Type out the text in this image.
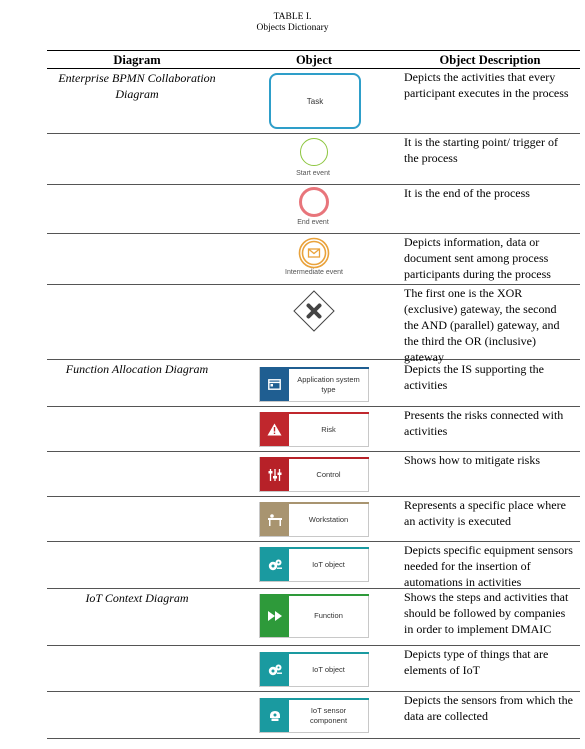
TABLE I.
Objects Dictionary
Diagram	Object	Object Description
Enterprise BPMN Collaboration Diagram
Function Allocation Diagram
IoT Context Diagram
Task
Depicts the activities that every participant executes in the process
Start event
It is the starting point/ trigger of the process
End event
It is the end of the process
Intermediate event
Depicts information, data or document sent among process participants during the process
The first one is the XOR (exclusive) gateway, the second the AND (parallel) gateway, and the third the OR (inclusive) gateway
Application system type
Depicts the IS supporting the activities
Risk
Presents the risks connected with activities
Control
Shows how to mitigate risks
Workstation
Represents a specific place where an activity is executed
IoT object
Depicts specific equipment sensors needed for the insertion of automations in activities
Function
Shows the steps and activities that should be followed by companies in order to implement DMAIC
IoT object
Depicts type of things that are elements of IoT
IoT sensor component
Depicts the sensors from which the data are collected
